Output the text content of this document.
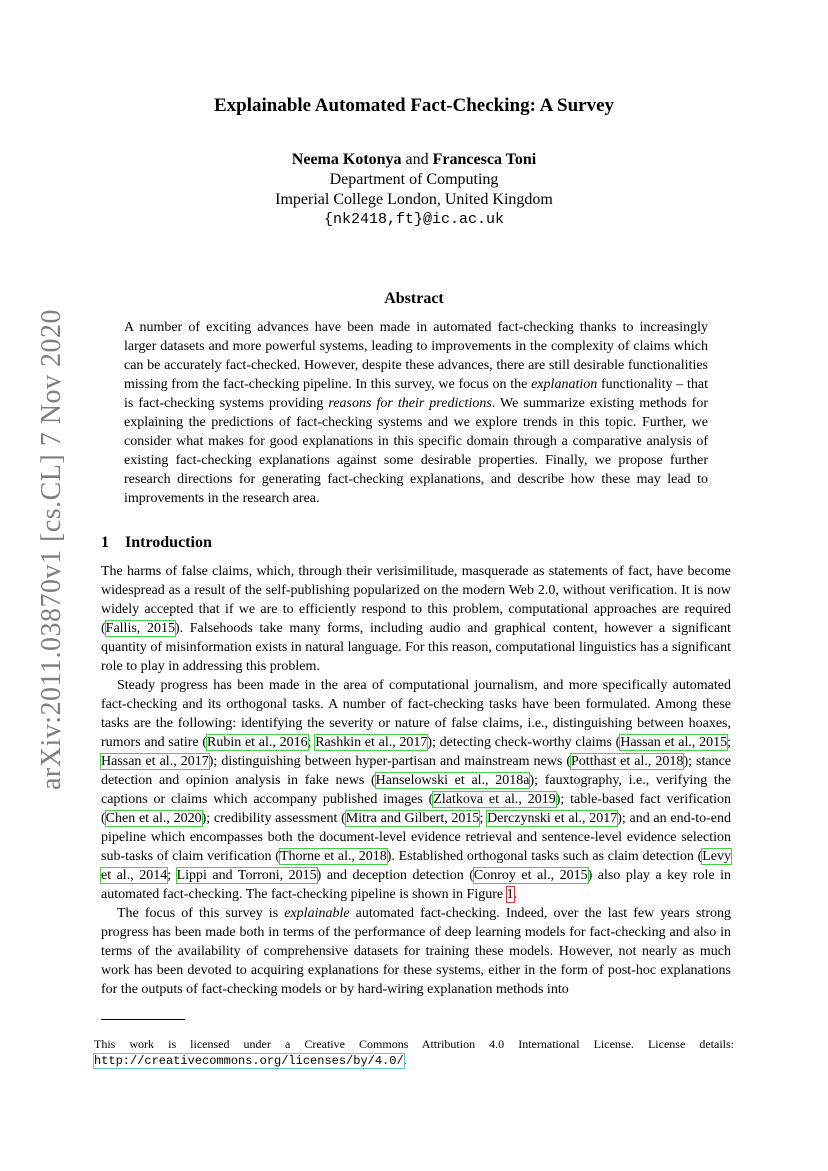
arXiv:2011.03870v1 [cs.CL] 7 Nov 2020
Explainable Automated Fact-Checking: A Survey
Neema Kotonya and Francesca Toni
Department of Computing
Imperial College London, United Kingdom
{nk2418,ft}@ic.ac.uk
Abstract
A number of exciting advances have been made in automated fact-checking thanks to increasingly larger datasets and more powerful systems, leading to improvements in the complexity of claims which can be accurately fact-checked. However, despite these advances, there are still desirable functionalities missing from the fact-checking pipeline. In this survey, we focus on the explanation functionality – that is fact-checking systems providing reasons for their predictions. We summarize existing methods for explaining the predictions of fact-checking systems and we explore trends in this topic. Further, we consider what makes for good explanations in this specific domain through a comparative analysis of existing fact-checking explanations against some desirable properties. Finally, we propose further research directions for generating fact-checking explanations, and describe how these may lead to improvements in the research area.
1 Introduction

The harms of false claims, which, through their verisimilitude, masquerade as statements of fact, have become widespread as a result of the self-publishing popularized on the modern Web 2.0, without verification. It is now widely accepted that if we are to efficiently respond to this problem, computational approaches are required (Fallis, 2015). Falsehoods take many forms, including audio and graphical content, however a significant quantity of misinformation exists in natural language. For this reason, computational linguistics has a significant role to play in addressing this problem.

Steady progress has been made in the area of computational journalism, and more specifically automated fact-checking and its orthogonal tasks. A number of fact-checking tasks have been formulated. Among these tasks are the following: identifying the severity or nature of false claims, i.e., distinguishing between hoaxes, rumors and satire (Rubin et al., 2016; Rashkin et al., 2017); detecting check-worthy claims (Hassan et al., 2015; Hassan et al., 2017); distinguishing between hyper-partisan and mainstream news (Potthast et al., 2018); stance detection and opinion analysis in fake news (Hanselowski et al., 2018a); fauxtography, i.e., verifying the captions or claims which accompany published images (Zlatkova et al., 2019); table-based fact verification (Chen et al., 2020); credibility assessment (Mitra and Gilbert, 2015; Derczynski et al., 2017); and an end-to-end pipeline which encompasses both the document-level evidence retrieval and sentence-level evidence selection sub-tasks of claim verification (Thorne et al., 2018). Established orthogonal tasks such as claim detection (Levy et al., 2014; Lippi and Torroni, 2015) and deception detection (Conroy et al., 2015) also play a key role in automated fact-checking. The fact-checking pipeline is shown in Figure 1.

The focus of this survey is explainable automated fact-checking. Indeed, over the last few years strong progress has been made both in terms of the performance of deep learning models for fact-checking and also in terms of the availability of comprehensive datasets for training these models. However, not nearly as much work has been devoted to acquiring explanations for these systems, either in the form of post-hoc explanations for the outputs of fact-checking models or by hard-wiring explanation methods into

This work is licensed under a Creative Commons Attribution 4.0 International License. License details: http://creativecommons.org/licenses/by/4.0/.
